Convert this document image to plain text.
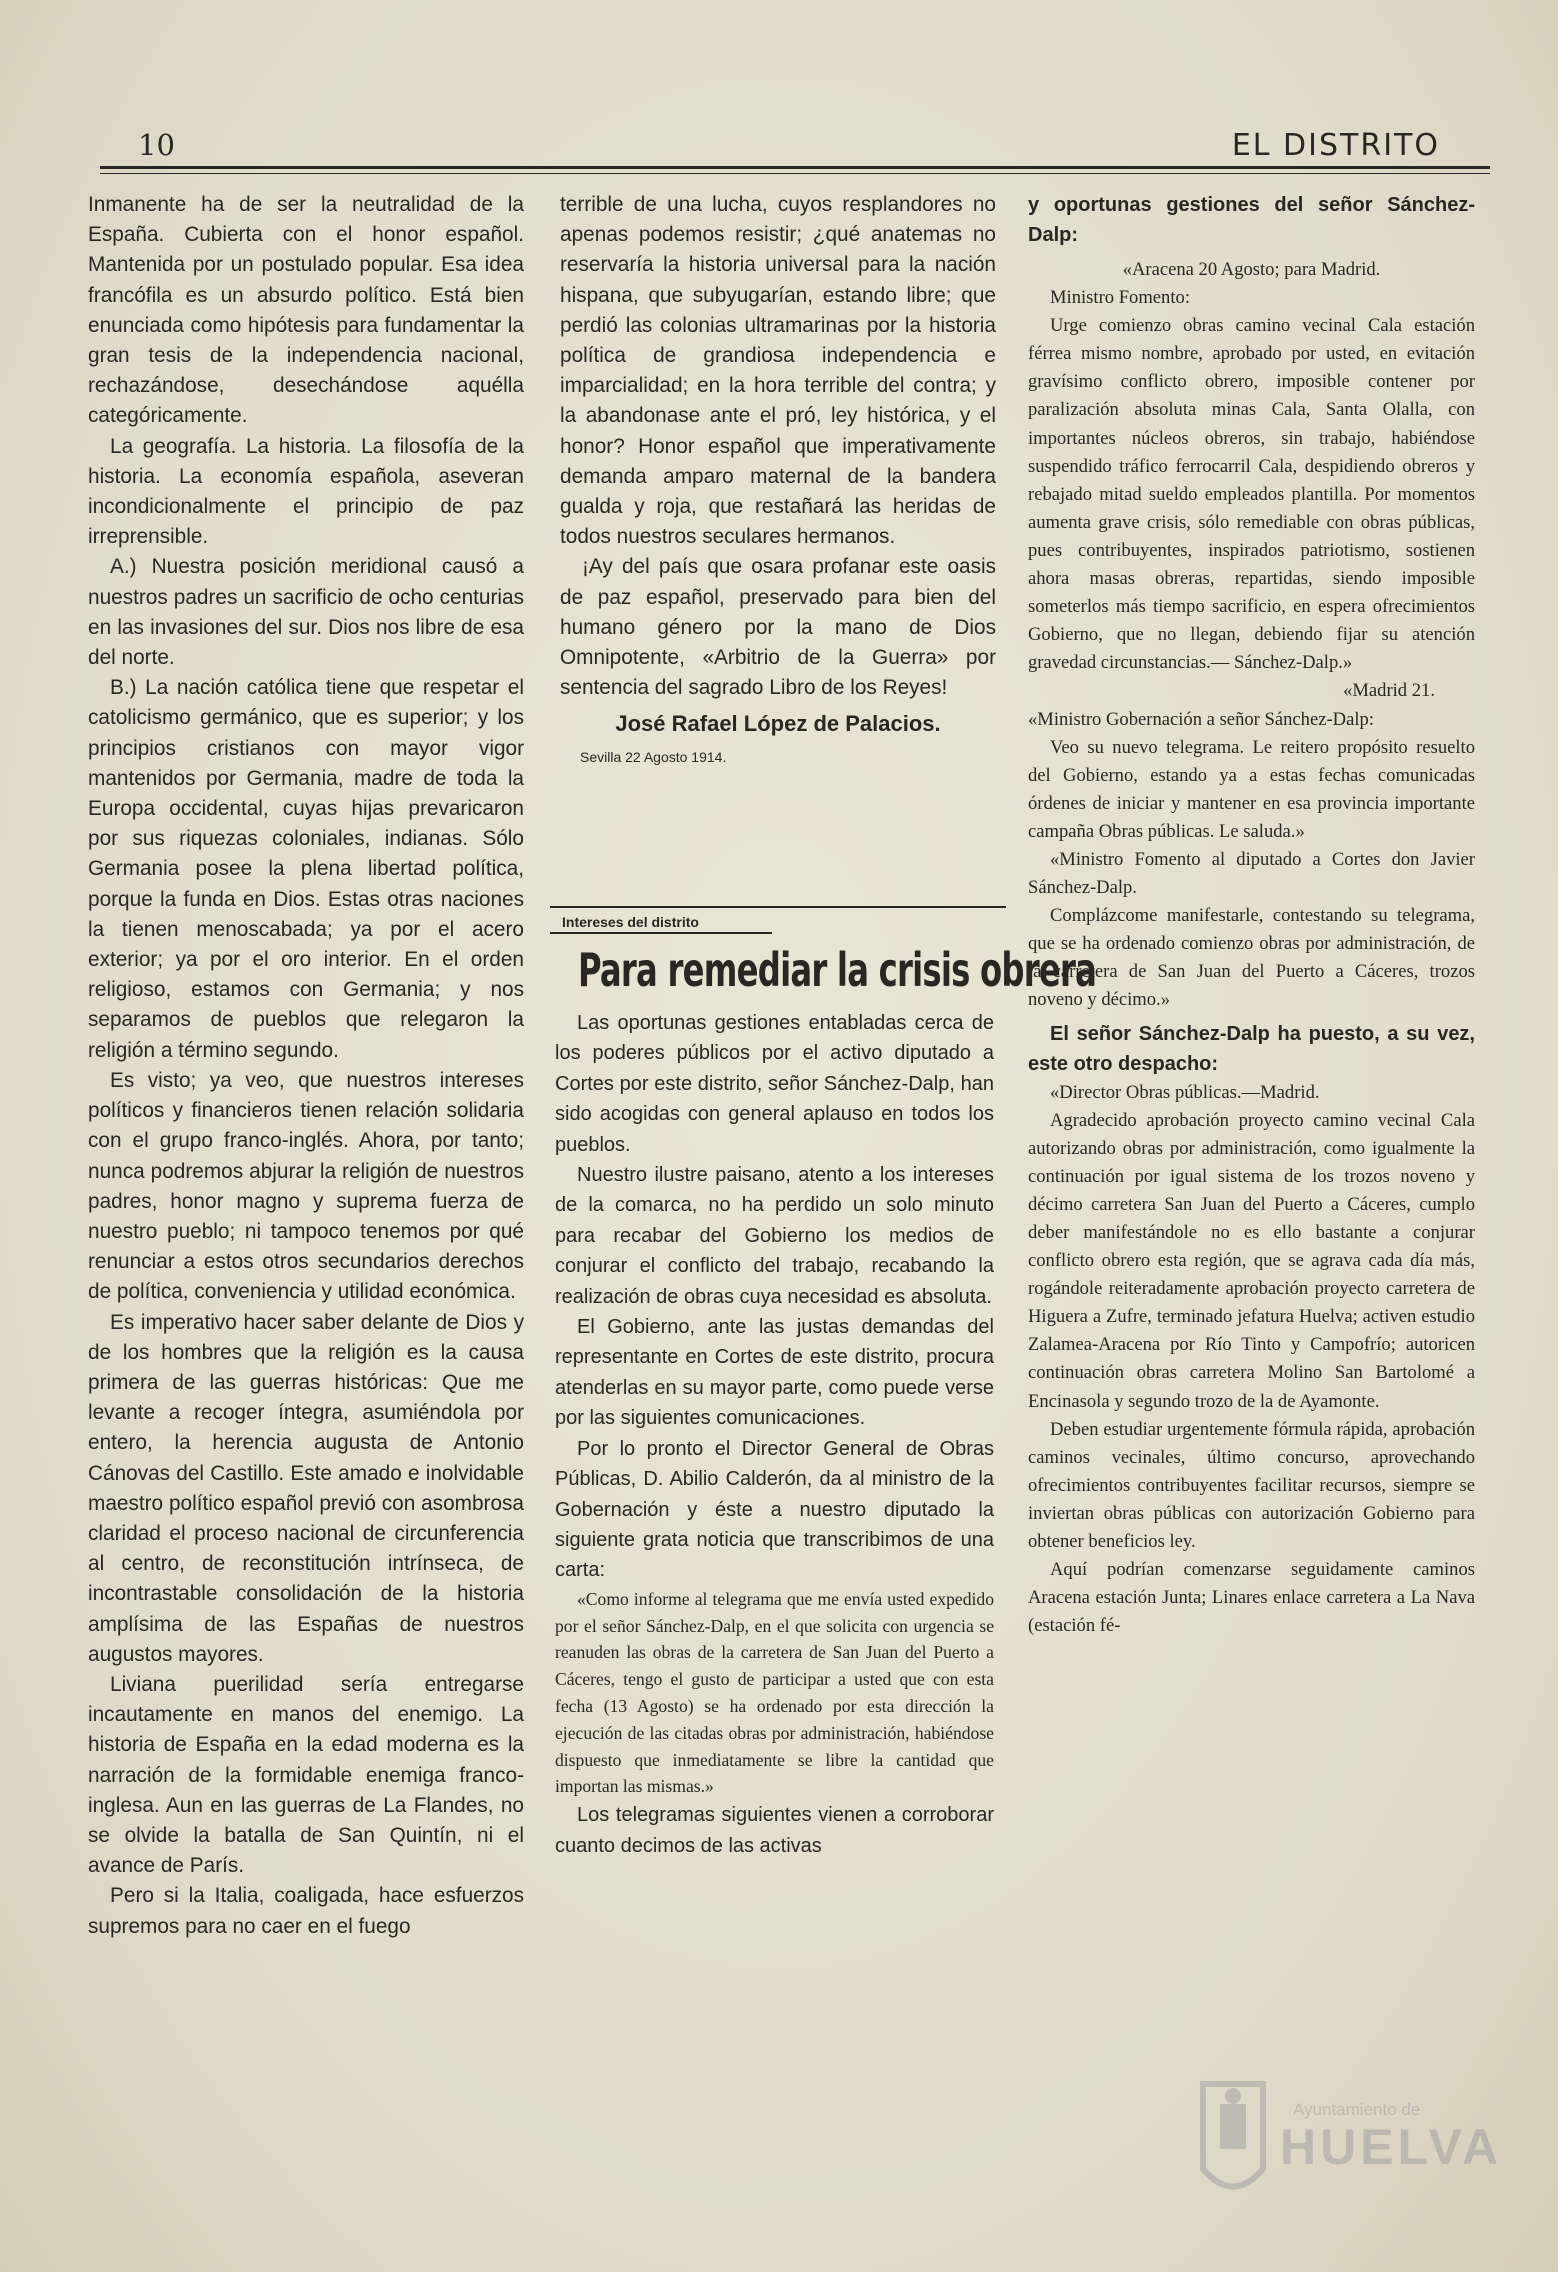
10	EL DISTRITO

Inmanente ha de ser la neutralidad de la España. Cubierta con el honor español. Mantenida por un postulado popular. Esa idea francófila es un absurdo político. Está bien enunciada como hipótesis para fundamentar la gran tesis de la independencia nacional, rechazándose, desechándose aquélla categóricamente.

La geografía. La historia. La filosofía de la historia. La economía española, aseveran incondicionalmente el principio de paz irreprensible.

A.) Nuestra posición meridional causó a nuestros padres un sacrificio de ocho centurias en las invasiones del sur. Dios nos libre de esa del norte.

B.) La nación católica tiene que respetar el catolicismo germánico, que es superior; y los principios cristianos con mayor vigor mantenidos por Germania, madre de toda la Europa occidental, cuyas hijas prevaricaron por sus riquezas coloniales, indianas. Sólo Germania posee la plena libertad política, porque la funda en Dios. Estas otras naciones la tienen menoscabada; ya por el acero exterior; ya por el oro interior. En el orden religioso, estamos con Germania; y nos separamos de pueblos que relegaron la religión a término segundo.

Es visto; ya veo, que nuestros intereses políticos y financieros tienen relación solidaria con el grupo franco-inglés. Ahora, por tanto; nunca podremos abjurar la religión de nuestros padres, honor magno y suprema fuerza de nuestro pueblo; ni tampoco tenemos por qué renunciar a estos otros secundarios derechos de política, conveniencia y utilidad económica.

Es imperativo hacer saber delante de Dios y de los hombres que la religión es la causa primera de las guerras históricas: Que me levante a recoger íntegra, asumiéndola por entero, la herencia augusta de Antonio Cánovas del Castillo. Este amado e inolvidable maestro político español previó con asombrosa claridad el proceso nacional de circunferencia al centro, de reconstitución intrínseca, de incontrastable consolidación de la historia amplísima de las Españas de nuestros augustos mayores.

Liviana puerilidad sería entregarse incautamente en manos del enemigo. La historia de España en la edad moderna es la narración de la formidable enemiga franco-inglesa. Aun en las guerras de La Flandes, no se olvide la batalla de San Quintín, ni el avance de París.

Pero si la Italia, coaligada, hace esfuerzos supremos para no caer en el fuego

terrible de una lucha, cuyos resplandores no apenas podemos resistir; ¿qué anatemas no reservaría la historia universal para la nación hispana, que subyugarían, estando libre; que perdió las colonias ultramarinas por la historia política de grandiosa independencia e imparcialidad; en la hora terrible del contra; y la abandonase ante el pró, ley histórica, y el honor? Honor español que imperativamente demanda amparo maternal de la bandera gualda y roja, que restañará las heridas de todos nuestros seculares hermanos.

¡Ay del país que osara profanar este oasis de paz español, preservado para bien del humano género por la mano de Dios Omnipotente, «Arbitrio de la Guerra» por sentencia del sagrado Libro de los Reyes!

José Rafael López de Palacios.

Sevilla 22 Agosto 1914.

Intereses del distrito
Para remediar la crisis obrera

Las oportunas gestiones entabladas cerca de los poderes públicos por el activo diputado a Cortes por este distrito, señor Sánchez-Dalp, han sido acogidas con general aplauso en todos los pueblos.

Nuestro ilustre paisano, atento a los intereses de la comarca, no ha perdido un solo minuto para recabar del Gobierno los medios de conjurar el conflicto del trabajo, recabando la realización de obras cuya necesidad es absoluta.

El Gobierno, ante las justas demandas del representante en Cortes de este distrito, procura atenderlas en su mayor parte, como puede verse por las siguientes comunicaciones.

Por lo pronto el Director General de Obras Públicas, D. Abilio Calderón, da al ministro de la Gobernación y éste a nuestro diputado la siguiente grata noticia que transcribimos de una carta:

«Como informe al telegrama que me envía usted expedido por el señor Sánchez-Dalp, en el que solicita con urgencia se reanuden las obras de la carretera de San Juan del Puerto a Cáceres, tengo el gusto de participar a usted que con esta fecha (13 Agosto) se ha ordenado por esta dirección la ejecución de las citadas obras por administración, habiéndose dispuesto que inmediatamente se libre la cantidad que importan las mismas.»

Los telegramas siguientes vienen a corroborar cuanto decimos de las activas

y oportunas gestiones del señor Sánchez-Dalp:

«Aracena 20 Agosto; para Madrid.

Ministro Fomento:

Urge comienzo obras camino vecinal Cala estación férrea mismo nombre, aprobado por usted, en evitación gravísimo conflicto obrero, imposible contener por paralización absoluta minas Cala, Santa Olalla, con importantes núcleos obreros, sin trabajo, habiéndose suspendido tráfico ferrocarril Cala, despidiendo obreros y rebajado mitad sueldo empleados plantilla. Por momentos aumenta grave crisis, sólo remediable con obras públicas, pues contribuyentes, inspirados patriotismo, sostienen ahora masas obreras, repartidas, siendo imposible someterlos más tiempo sacrificio, en espera ofrecimientos Gobierno, que no llegan, debiendo fijar su atención gravedad circunstancias.— Sánchez-Dalp.»

«Madrid 21.

«Ministro Gobernación a señor Sánchez-Dalp:

Veo su nuevo telegrama. Le reitero propósito resuelto del Gobierno, estando ya a estas fechas comunicadas órdenes de iniciar y mantener en esa provincia importante campaña Obras públicas. Le saluda.»

«Ministro Fomento al diputado a Cortes don Javier Sánchez-Dalp.

Complázcome manifestarle, contestando su telegrama, que se ha ordenado comienzo obras por administración, de la carretera de San Juan del Puerto a Cáceres, trozos noveno y décimo.»

El señor Sánchez-Dalp ha puesto, a su vez, este otro despacho:

«Director Obras públicas.—Madrid.

Agradecido aprobación proyecto camino vecinal Cala autorizando obras por administración, como igualmente la continuación por igual sistema de los trozos noveno y décimo carretera San Juan del Puerto a Cáceres, cumplo deber manifestándole no es ello bastante a conjurar conflicto obrero esta región, que se agrava cada día más, rogándole reiteradamente aprobación proyecto carretera de Higuera a Zufre, terminado jefatura Huelva; activen estudio Zalamea-Aracena por Río Tinto y Campofrío; autoricen continuación obras carretera Molino San Bartolomé a Encinasola y segundo trozo de la de Ayamonte.

Deben estudiar urgentemente fórmula rápida, aprobación caminos vecinales, último concurso, aprovechando ofrecimientos contribuyentes facilitar recursos, siempre se inviertan obras públicas con autorización Gobierno para obtener beneficios ley.

Aquí podrían comenzarse seguidamente caminos Aracena estación Junta; Linares enlace carretera a La Nava (estación fé-

Ayuntamiento de
HUELVA
